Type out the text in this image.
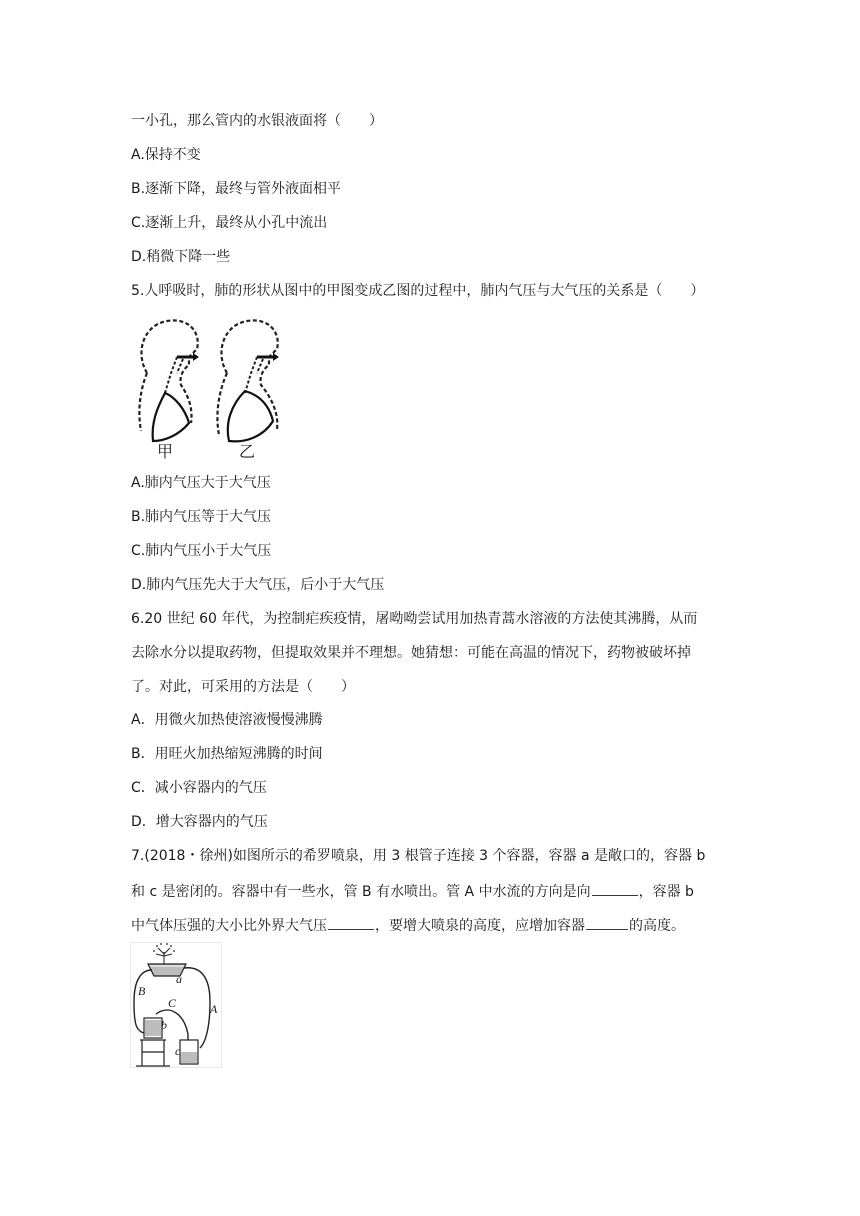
一小孔，那么管内的水银液面将（　　）
A.保持不变
B.逐渐下降，最终与管外液面相平
C.逐渐上升，最终从小孔中流出
D.稍微下降一些
5.人呼吸时，肺的形状从图中的甲图变成乙图的过程中，肺内气压与大气压的关系是（　　）
甲	乙
A.肺内气压大于大气压
B.肺内气压等于大气压
C.肺内气压小于大气压
D.肺内气压先大于大气压，后小于大气压
6.20 世纪 60 年代，为控制疟疾疫情，屠呦呦尝试用加热青蒿水溶液的方法使其沸腾，从而
去除水分以提取药物，但提取效果并不理想。她猜想：可能在高温的情况下，药物被破坏掉
了。对此，可采用的方法是（　　）
A．用微火加热使溶液慢慢沸腾
B．用旺火加热缩短沸腾的时间
C．减小容器内的气压
D．增大容器内的气压
7.(2018・徐州)如图所示的希罗喷泉，用 3 根管子连接 3 个容器，容器 a 是敞口的，容器 b
和 c 是密闭的。容器中有一些水，管 B 有水喷出。管 A 中水流的方向是向	，容器 b
中气体压强的大小比外界大气压	，要增大喷泉的高度，应增加容器	的高度。
a
B
C	A
b
c
